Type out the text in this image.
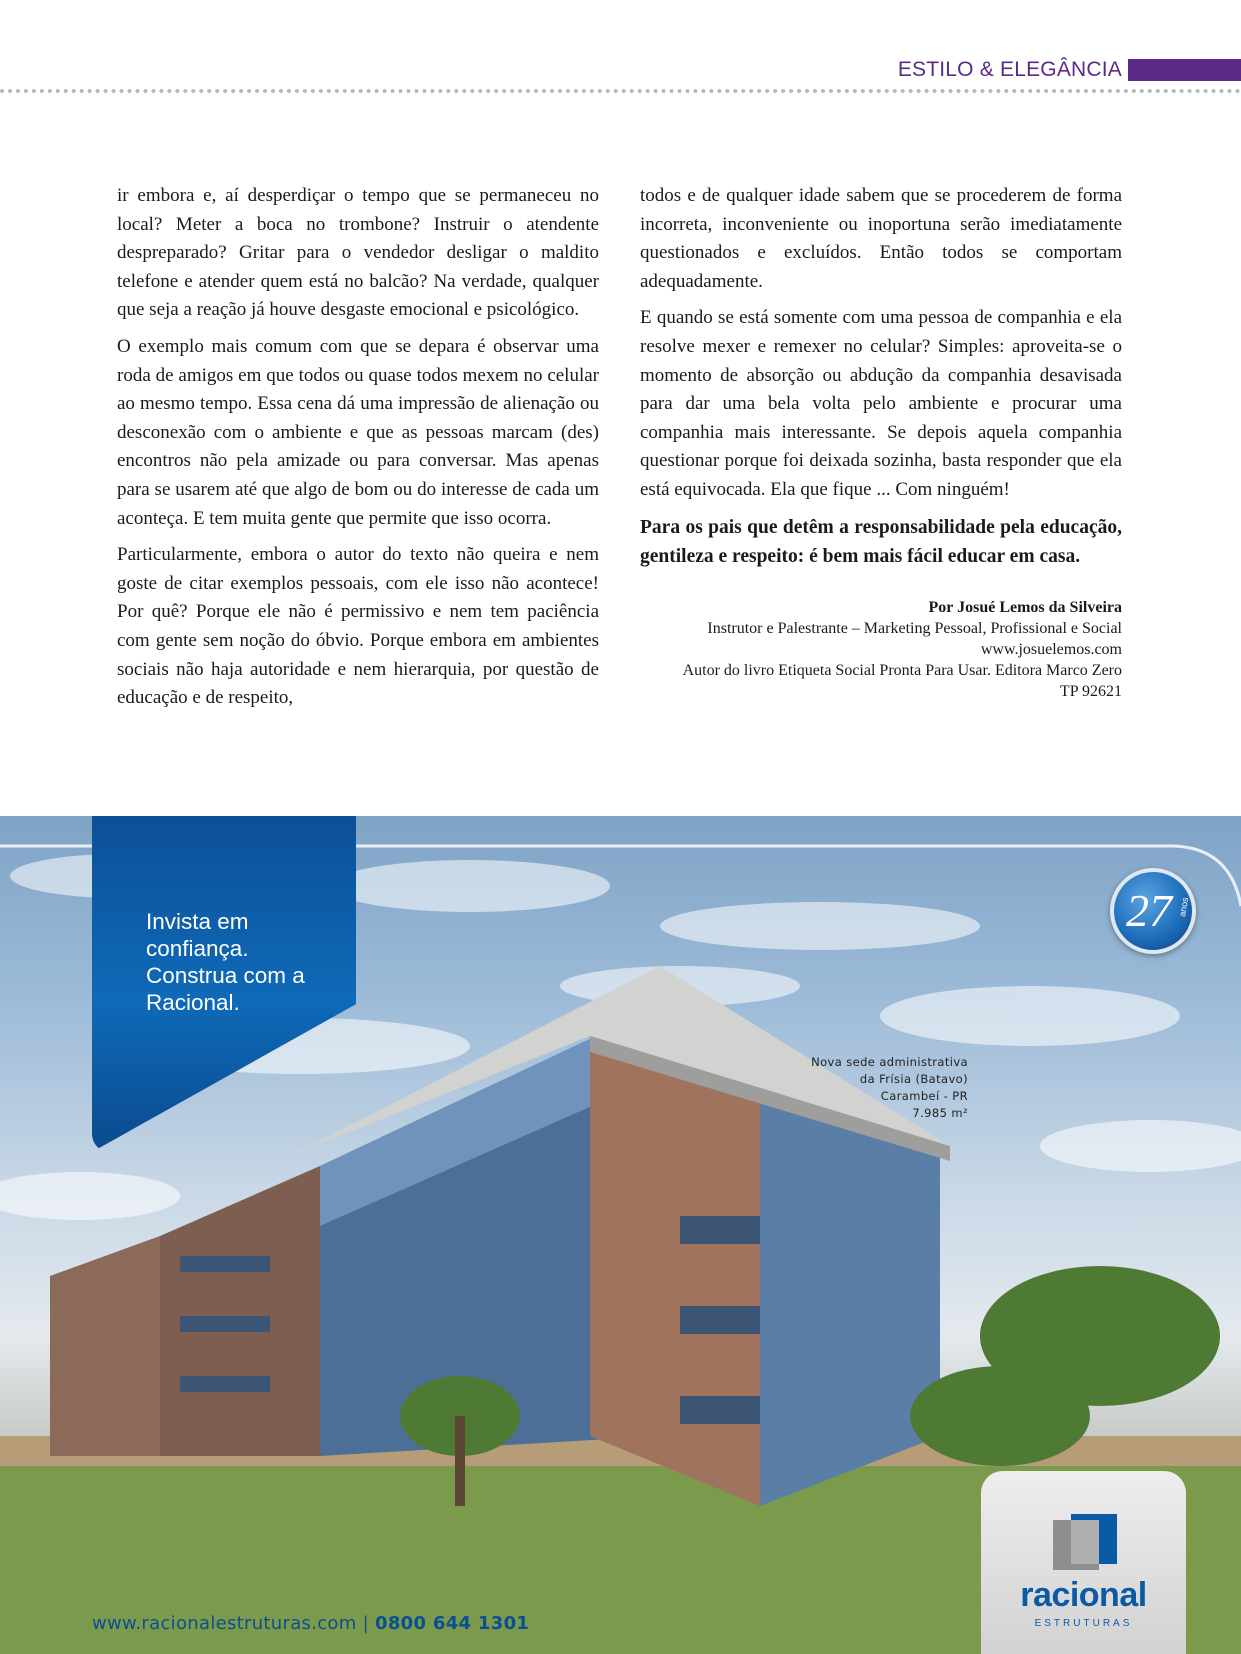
ESTILO & ELEGÂNCIA

ir embora e, aí desperdiçar o tempo que se permaneceu no local? Meter a boca no trombone? Instruir o atendente despreparado? Gritar para o vendedor desligar o maldito telefone e atender quem está no balcão? Na verdade, qualquer que seja a reação já houve desgaste emocional e psicológico.

O exemplo mais comum com que se depara é observar uma roda de amigos em que todos ou quase todos mexem no celular ao mesmo tempo. Essa cena dá uma impressão de alienação ou desconexão com o ambiente e que as pessoas marcam (des) encontros não pela amizade ou para conversar. Mas apenas para se usarem até que algo de bom ou do interesse de cada um aconteça. E tem muita gente que permite que isso ocorra.

Particularmente, embora o autor do texto não queira e nem goste de citar exemplos pessoais, com ele isso não acontece! Por quê? Porque ele não é permissivo e nem tem paciência com gente sem noção do óbvio. Porque embora em ambientes sociais não haja autoridade e nem hierarquia, por questão de educação e de respeito,

todos e de qualquer idade sabem que se procederem de forma incorreta, inconveniente ou inoportuna serão imediatamente questionados e excluídos. Então todos se comportam adequadamente.

E quando se está somente com uma pessoa de companhia e ela resolve mexer e remexer no celular? Simples: aproveita-se o momento de absorção ou abdução da companhia desavisada para dar uma bela volta pelo ambiente e procurar uma companhia mais interessante. Se depois aquela companhia questionar porque foi deixada sozinha, basta responder que ela está equivocada. Ela que fique ... Com ninguém!

Para os pais que detêm a responsabilidade pela educação, gentileza e respeito: é bem mais fácil educar em casa.

Por Josué Lemos da Silveira
Instrutor e Palestrante – Marketing Pessoal, Profissional e Social
www.josuelemos.com
Autor do livro Etiqueta Social Pronta Para Usar. Editora Marco Zero
TP 92621
Invista em confiança. Construa com a Racional.
27 anos
Nova sede administrativa
da Frísia (Batavo)
Carambeí - PR
7.985 m²
racional
ESTRUTURAS
www.racionalestruturas.com | 0800 644 1301
